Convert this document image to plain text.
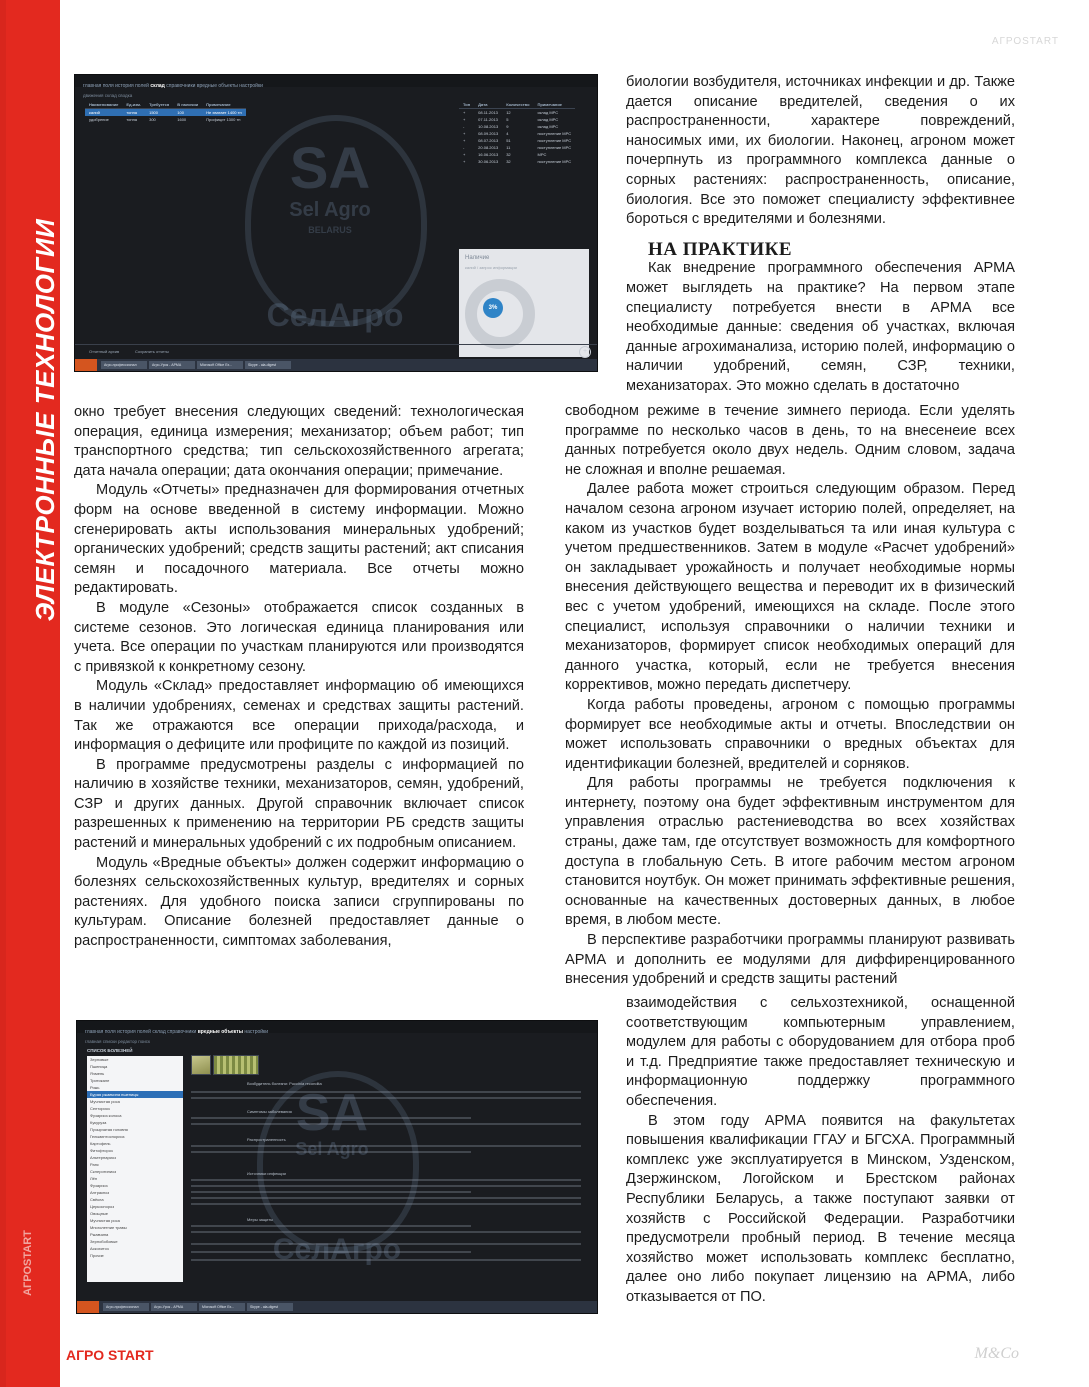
ЭЛЕКТРОННЫЕ ТЕХНОЛОГИИ
АГРОSTART
АГРОSTART
главная поля история полей склад справочники вредные объекты настройки
движения склад сводка
SA
Sel Agro
BELARUS
СелАгро
Наименование	Ед.изм.	Требуется	В наличии	Примечание
калий	тонна	1500	100	Не хватает 1400 тн
удобрение	тонна	300	1600	Профицит 1300 тн
Тип	Дата	Количество	Примечание
+	08.11.2013	12	склад МРС
+	07.11.2013	5	склад МРС
-	10.08.2013	9	склад МРС
+	08.09.2013	4	поступление МРС
+	08.07.2013	51	поступление МРС
-	20.08.2013	11	поступление МРС
+	16.06.2013	32	МРС
+	30.06.2013	32	поступление МРС
Наличие
калий / запрос информации
3%
Отчетный архив	Сохранить отчеты	+
Агро-профессионал	Агро-Урок - АРМА	Microsoft Office Ex...	Skype - ala-digest
главная поля история полей склад справочники вредные объекты настройки
главная списки редактор поиск
СПИСОК БОЛЕЗНЕЙ
Зерновые
Пшеница
Ячмень
Тритикале
Рожь
Бурая ржавчина пшеницы
Мучнистая роса
Септориоз
Фузариоз колоса
Кукуруза
Пузырчатая головня
Гельминтоспориоз
Картофель
Фитофтороз
Альтернариоз
Рапс
Склеротиниоз
Лён
Фузариоз
Антракноз
Свёкла
Церкоспороз
Овощные
Мучнистая роса
Многолетние травы
Ржавчина
Зернобобовые
Аскохитоз
Прочие
SA
Sel Agro
СелАгро
Возбудитель болезни: Puccinia recondita
Симптомы заболевания
Распространенность
Источники инфекции
Меры защиты
Агро-профессионал	Агро-Урок - АРМА	Microsoft Office Ex...	Skype - ala-digest

биологии возбудителя, источниках инфекции и др. Также дается описание вредителей, сведения о их распространенности, характере повреждений, наносимых ими, их биологии. Наконец, агроном может почерпнуть из программного комплекса данные о сорных растениях: распространенность, описание, биология. Все это поможет специалисту эффективнее бороться с вредителями и болезнями.

НА ПРАКТИКЕ

Как внедрение программного обеспечения АРМА может выглядеть на практике? На первом этапе специалисту потребуется внести в АРМА все необходимые данные: сведения об участках, включая данные агрохиманализа, историю полей, информацию о наличии удобрений, семян, СЗР, техники, механизаторах. Это можно сделать в достаточно

окно требует внесения следующих сведений: технологическая операция, единица измерения; механизатор; объем работ; тип транспортного средства; тип сельскохозяйственного агрегата; дата начала операции; дата окончания операции; примечание.

Модуль «Отчеты» предназначен для формирования отчетных форм на основе введенной в систему информации. Можно сгенерировать акты использования минеральных удобрений; органических удобрений; средств защиты растений; акт списания семян и посадочного материала. Все отчеты можно редактировать.

В модуле «Сезоны» отображается список созданных в системе сезонов. Это логическая единица планирования или учета. Все операции по участкам планируются или производятся с привязкой к конкретному сезону.

Модуль «Склад» предоставляет информацию об имеющихся в наличии удобрениях, семенах и средствах защиты растений. Так же отражаются все операции прихода/расхода, и информация о дефиците или профиците по каждой из позиций.

В программе предусмотрены разделы с информацией по наличию в хозяйстве техники, механизаторов, семян, удобрений, СЗР и других данных. Другой справочник включает список разрешенных к применению на территории РБ средств защиты растений и минеральных удобрений с их подробным описанием.

Модуль «Вредные объекты» должен содержит информацию о болезнях сельскохозяйственных культур, вредителях и сорных растениях. Для удобного поиска записи сгруппированы по культурам. Описание болезней предоставляет данные о распространенности, симптомах заболевания,

свободном режиме в течение зимнего периода. Если уделять программе по несколько часов в день, то на внесенеие всех данных потребуется около двух недель. Одним словом, задача не сложная и вполне решаемая.

Далее работа может строиться следующим образом. Перед началом сезона агроном изучает историю полей, определяет, на каком из участков будет возделываться та или иная культура с учетом предшественников. Затем в модуле «Расчет удобрений» он закладывает урожайность и получает необходимые нормы внесения действующего вещества и переводит их в физический вес с учетом удобрений, имеющихся на складе. После этого специалист, используя справочники о наличии техники и механизаторов, формирует список необходимых операций для данного участка, который, если не требуется внесения коррективов, можно передать диспетчеру.

Когда работы проведены, агроном с помощью программы формирует все необходимые акты и отчеты. Впоследствии он может использовать справочники о вредных объектах для идентификации болезней, вредителей и сорняков.

Для работы программы не требуется подключения к интернету, поэтому она будет эффективным инструментом для управления отраслью растениеводства во всех хозяйствах страны, даже там, где отсутствует возможность для комфортного доступа в глобальную Сеть. В итоге рабочим местом агроном становится ноутбук. Он может принимать эффективные решения, основанные на качественных достоверных данных, в любое время, в любом месте.

В перспективе разработчики программы планируют развивать АРМА и дополнить ее модулями для диффиренцированного внесения удобрений и средств защиты растений

взаимодействия с сельхозтехникой, оснащенной соответствующим компьютерным управлением, модулем для работы с оборудованием для отбора проб и т.д. Предприятие также предоставляет техническую и информационную поддержку программного обеспечения.

В этом году АРМА появится на факультетах повышения квалификации ГГАУ и БГСХА. Программный комплекс уже эксплуатируется в Минском, Узденском, Дзержинском, Логойском и Брестском районах Республики Беларусь, а также поступают заявки от хозяйств с Российской Федерации. Разработчики предусмотрели пробный период. В течение месяца хозяйство может использовать комплекс бесплатно, далее оно либо покупает лицензию на АРМА, либо отказывается от ПО.

АГРО START	M&Co
